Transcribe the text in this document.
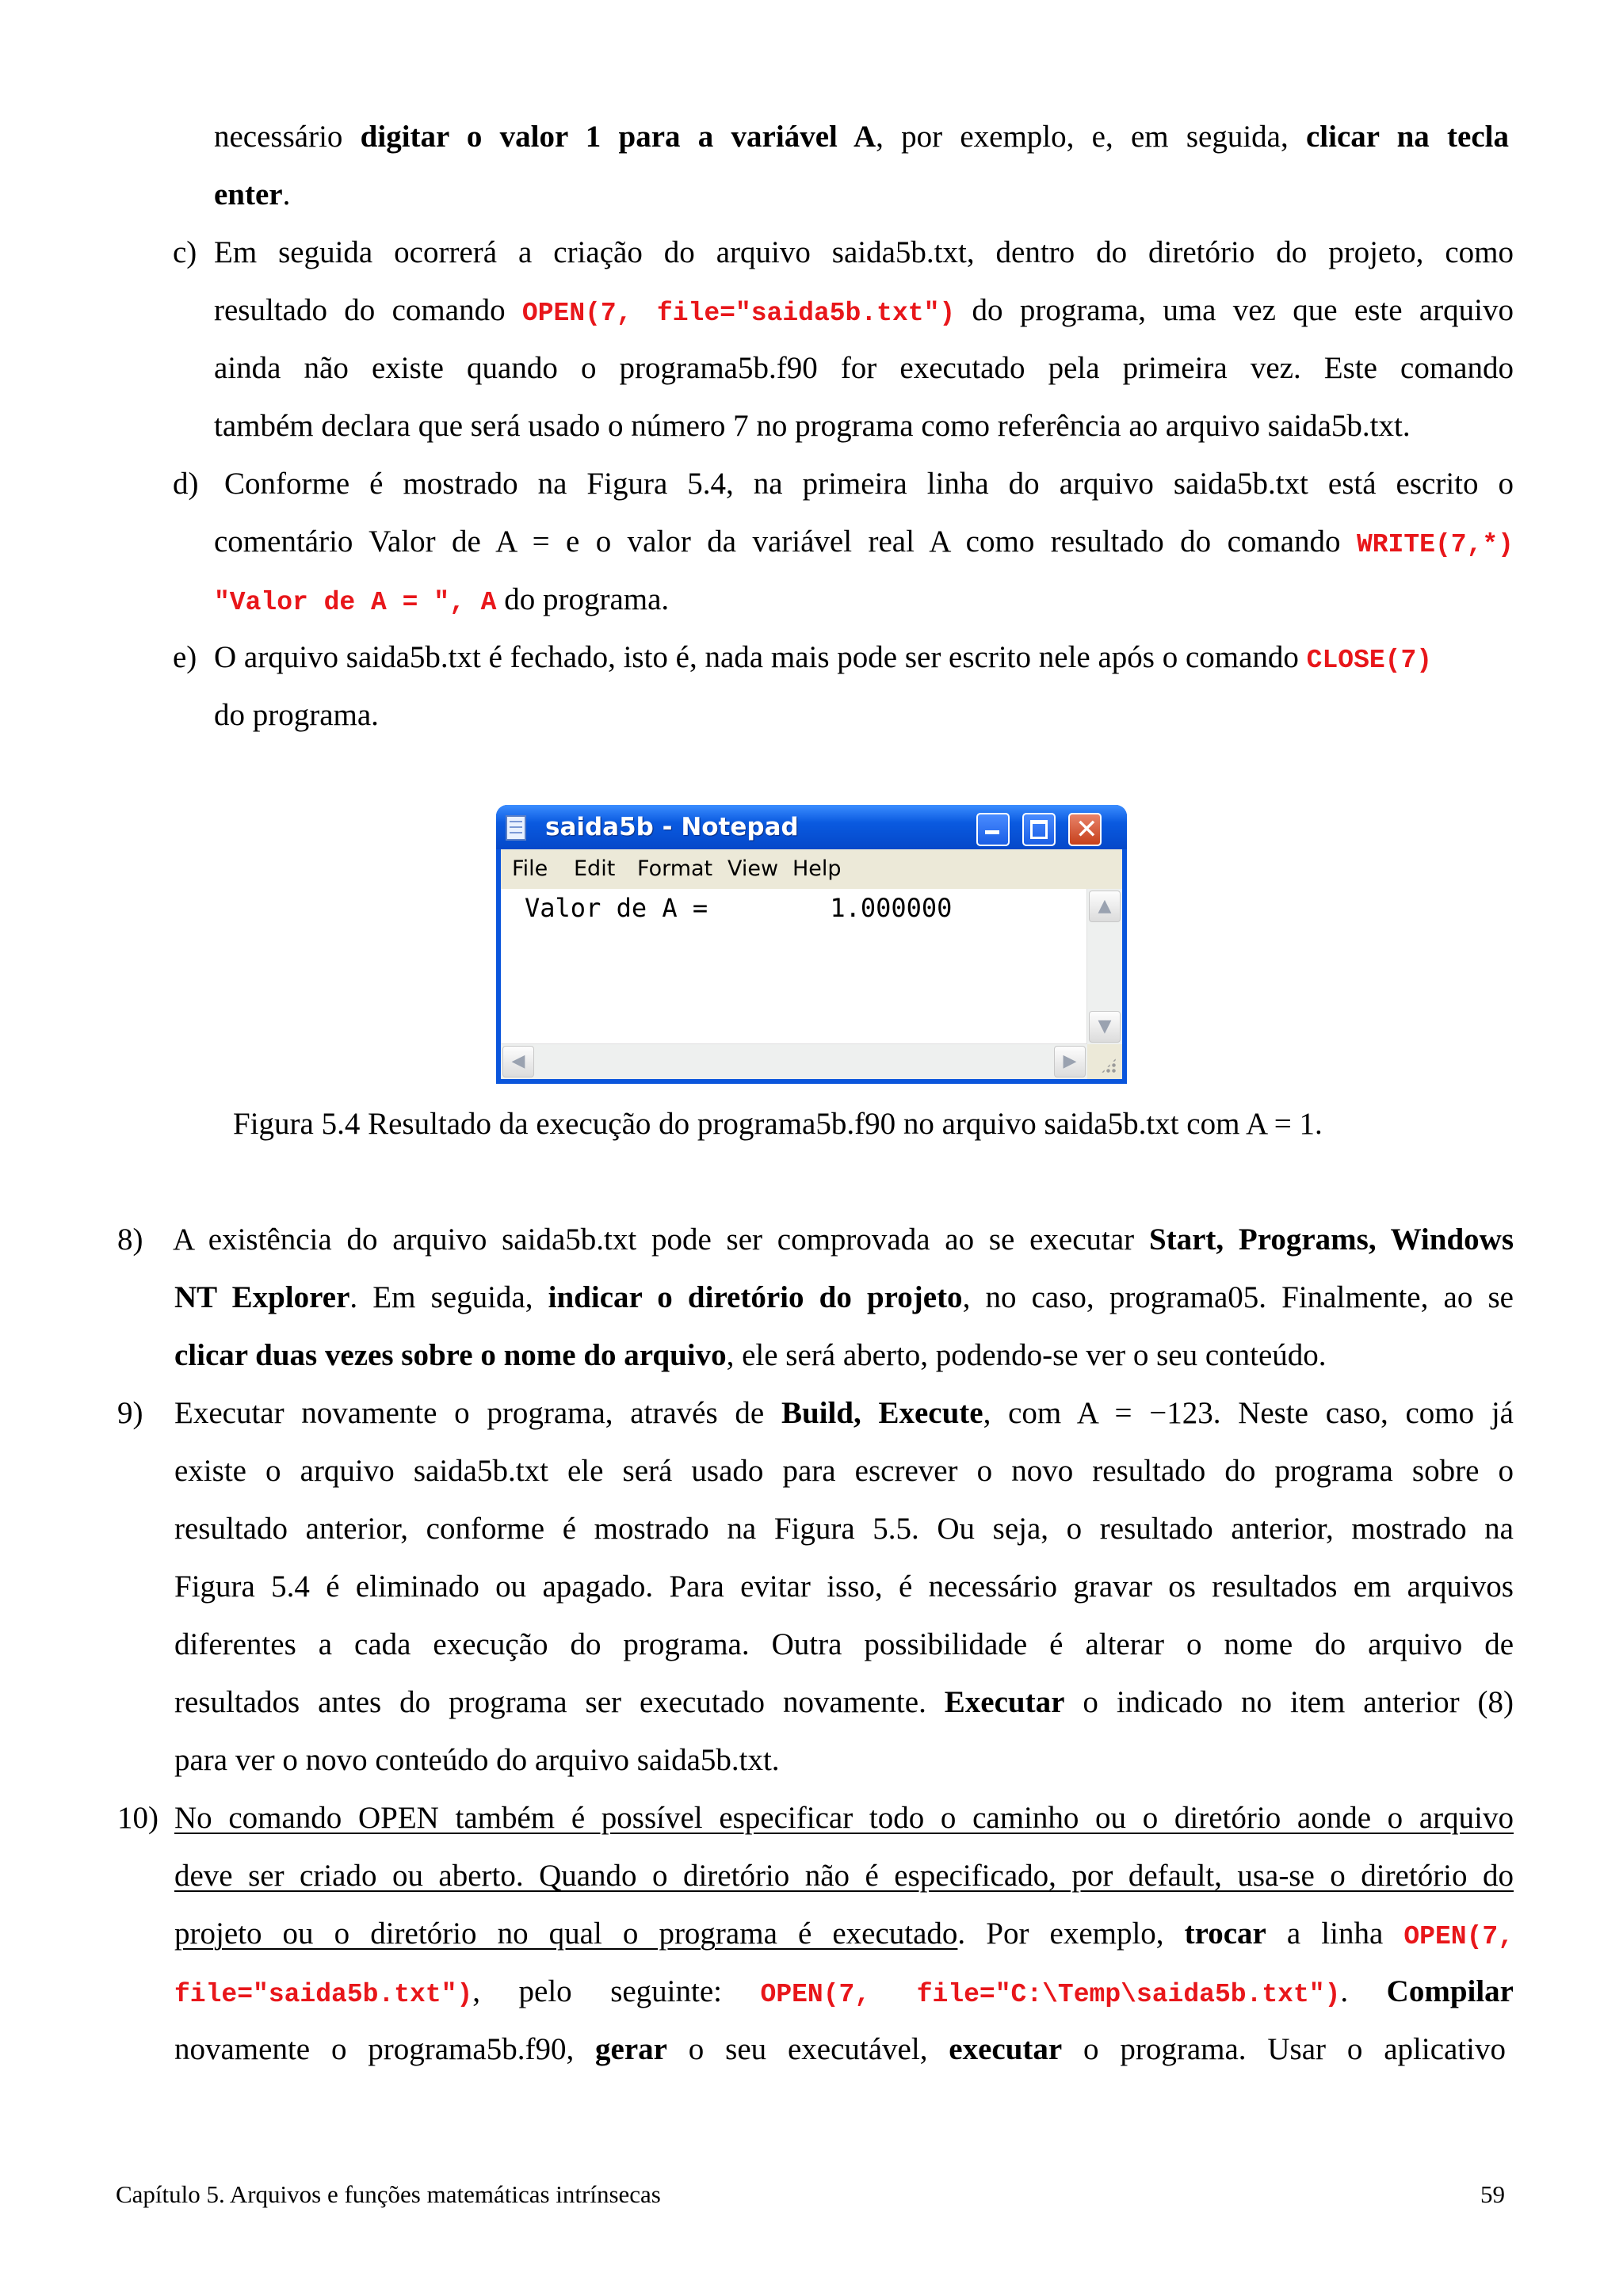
necessário digitar o valor 1 para a variável A, por exemplo, e, em seguida, clicar na tecla
enter.
c) Em seguida ocorrerá a criação do arquivo saida5b.txt, dentro do diretório do projeto, como
resultado do comando OPEN(7, file="saida5b.txt") do programa, uma vez que este arquivo
ainda não existe quando o programa5b.f90 for executado pela primeira vez. Este comando
também declara que será usado o número 7 no programa como referência ao arquivo saida5b.txt.
d) Conforme é mostrado na Figura 5.4, na primeira linha do arquivo saida5b.txt está escrito o
comentário Valor de A = e o valor da variável real A como resultado do comando WRITE(7,*)
"Valor de A = ", A do programa.
e) O arquivo saida5b.txt é fechado, isto é, nada mais pode ser escrito nele após o comando CLOSE(7)
do programa.
saida5b - Notepad	✕
File Edit Format View Help
Valor de A =        1.000000	▲
▼
◀	▶
Figura 5.4 Resultado da execução do programa5b.f90 no arquivo saida5b.txt com A = 1.
8) A existência do arquivo saida5b.txt pode ser comprovada ao se executar Start, Programs, Windows
NT Explorer. Em seguida, indicar o diretório do projeto, no caso, programa05. Finalmente, ao se
clicar duas vezes sobre o nome do arquivo, ele será aberto, podendo-se ver o seu conteúdo.
9) Executar novamente o programa, através de Build, Execute, com A = −123. Neste caso, como já
existe o arquivo saida5b.txt ele será usado para escrever o novo resultado do programa sobre o
resultado anterior, conforme é mostrado na Figura 5.5. Ou seja, o resultado anterior, mostrado na
Figura 5.4 é eliminado ou apagado. Para evitar isso, é necessário gravar os resultados em arquivos
diferentes a cada execução do programa. Outra possibilidade é alterar o nome do arquivo de
resultados antes do programa ser executado novamente. Executar o indicado no item anterior (8)
para ver o novo conteúdo do arquivo saida5b.txt.
10) No comando OPEN também é possível especificar todo o caminho ou o diretório aonde o arquivo
deve ser criado ou aberto. Quando o diretório não é especificado, por default, usa-se o diretório do
projeto ou o diretório no qual o programa é executado. Por exemplo, trocar a linha OPEN(7,
file="saida5b.txt"), pelo seguinte: OPEN(7, file="C:\Temp\saida5b.txt"). Compilar
novamente o programa5b.f90, gerar o seu executável, executar o programa. Usar o aplicativo
Capítulo 5. Arquivos e funções matemáticas intrínsecas	59
